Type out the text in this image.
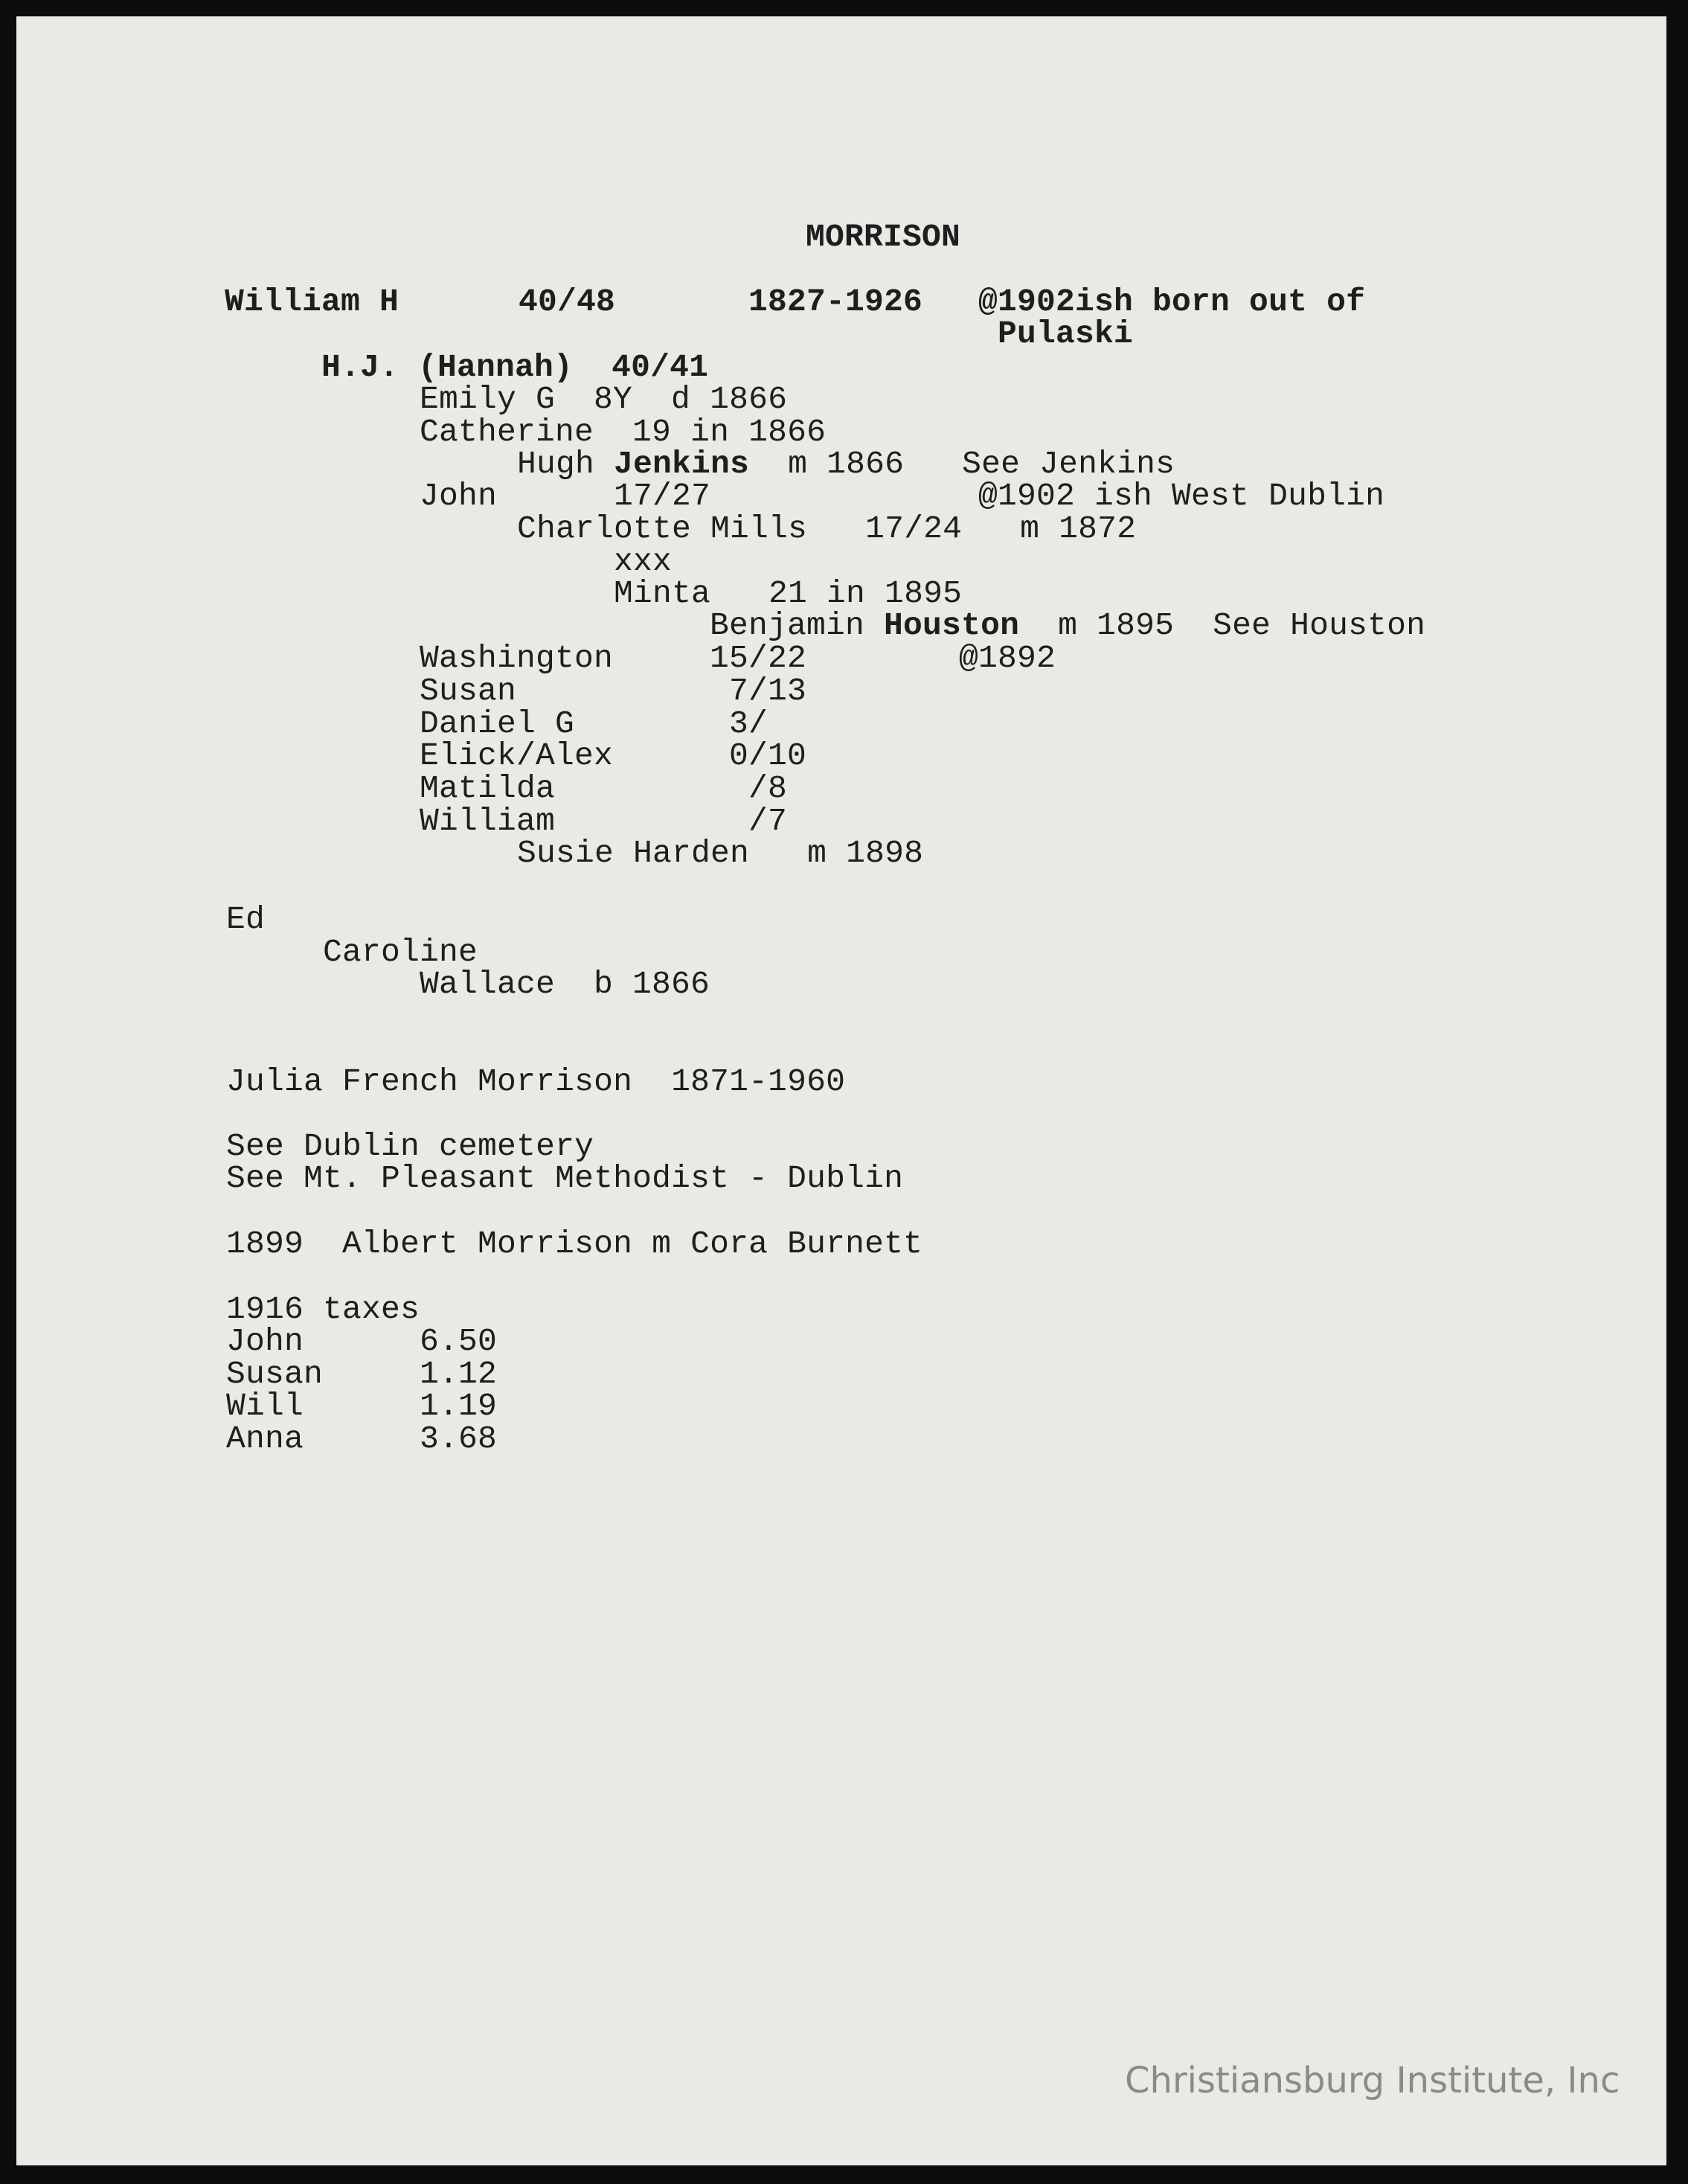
MORRISON
William H	40/48	1827-1926 @1902ish born out of
Pulaski
H.J. (Hannah)  40/41
Emily G  8Y  d 1866
Catherine  19 in 1866
Hugh Jenkins  m 1866   See Jenkins
John	17/27	@1902 ish West Dublin
Charlotte Mills   17/24   m 1872
xxx
Minta   21 in 1895
Benjamin Houston  m 1895  See Houston
Washington	15/22	@1892
Susan	7/13
Daniel G	3/
Elick/Alex	0/10
Matilda	/8
William	/7
Susie Harden   m 1898
Ed
Caroline
Wallace  b 1866
Julia French Morrison  1871-1960
See Dublin cemetery
See Mt. Pleasant Methodist - Dublin
1899  Albert Morrison m Cora Burnett
1916 taxes
John	6.50
Susan	1.12
Will	1.19
Anna	3.68
Christiansburg Institute, Inc
